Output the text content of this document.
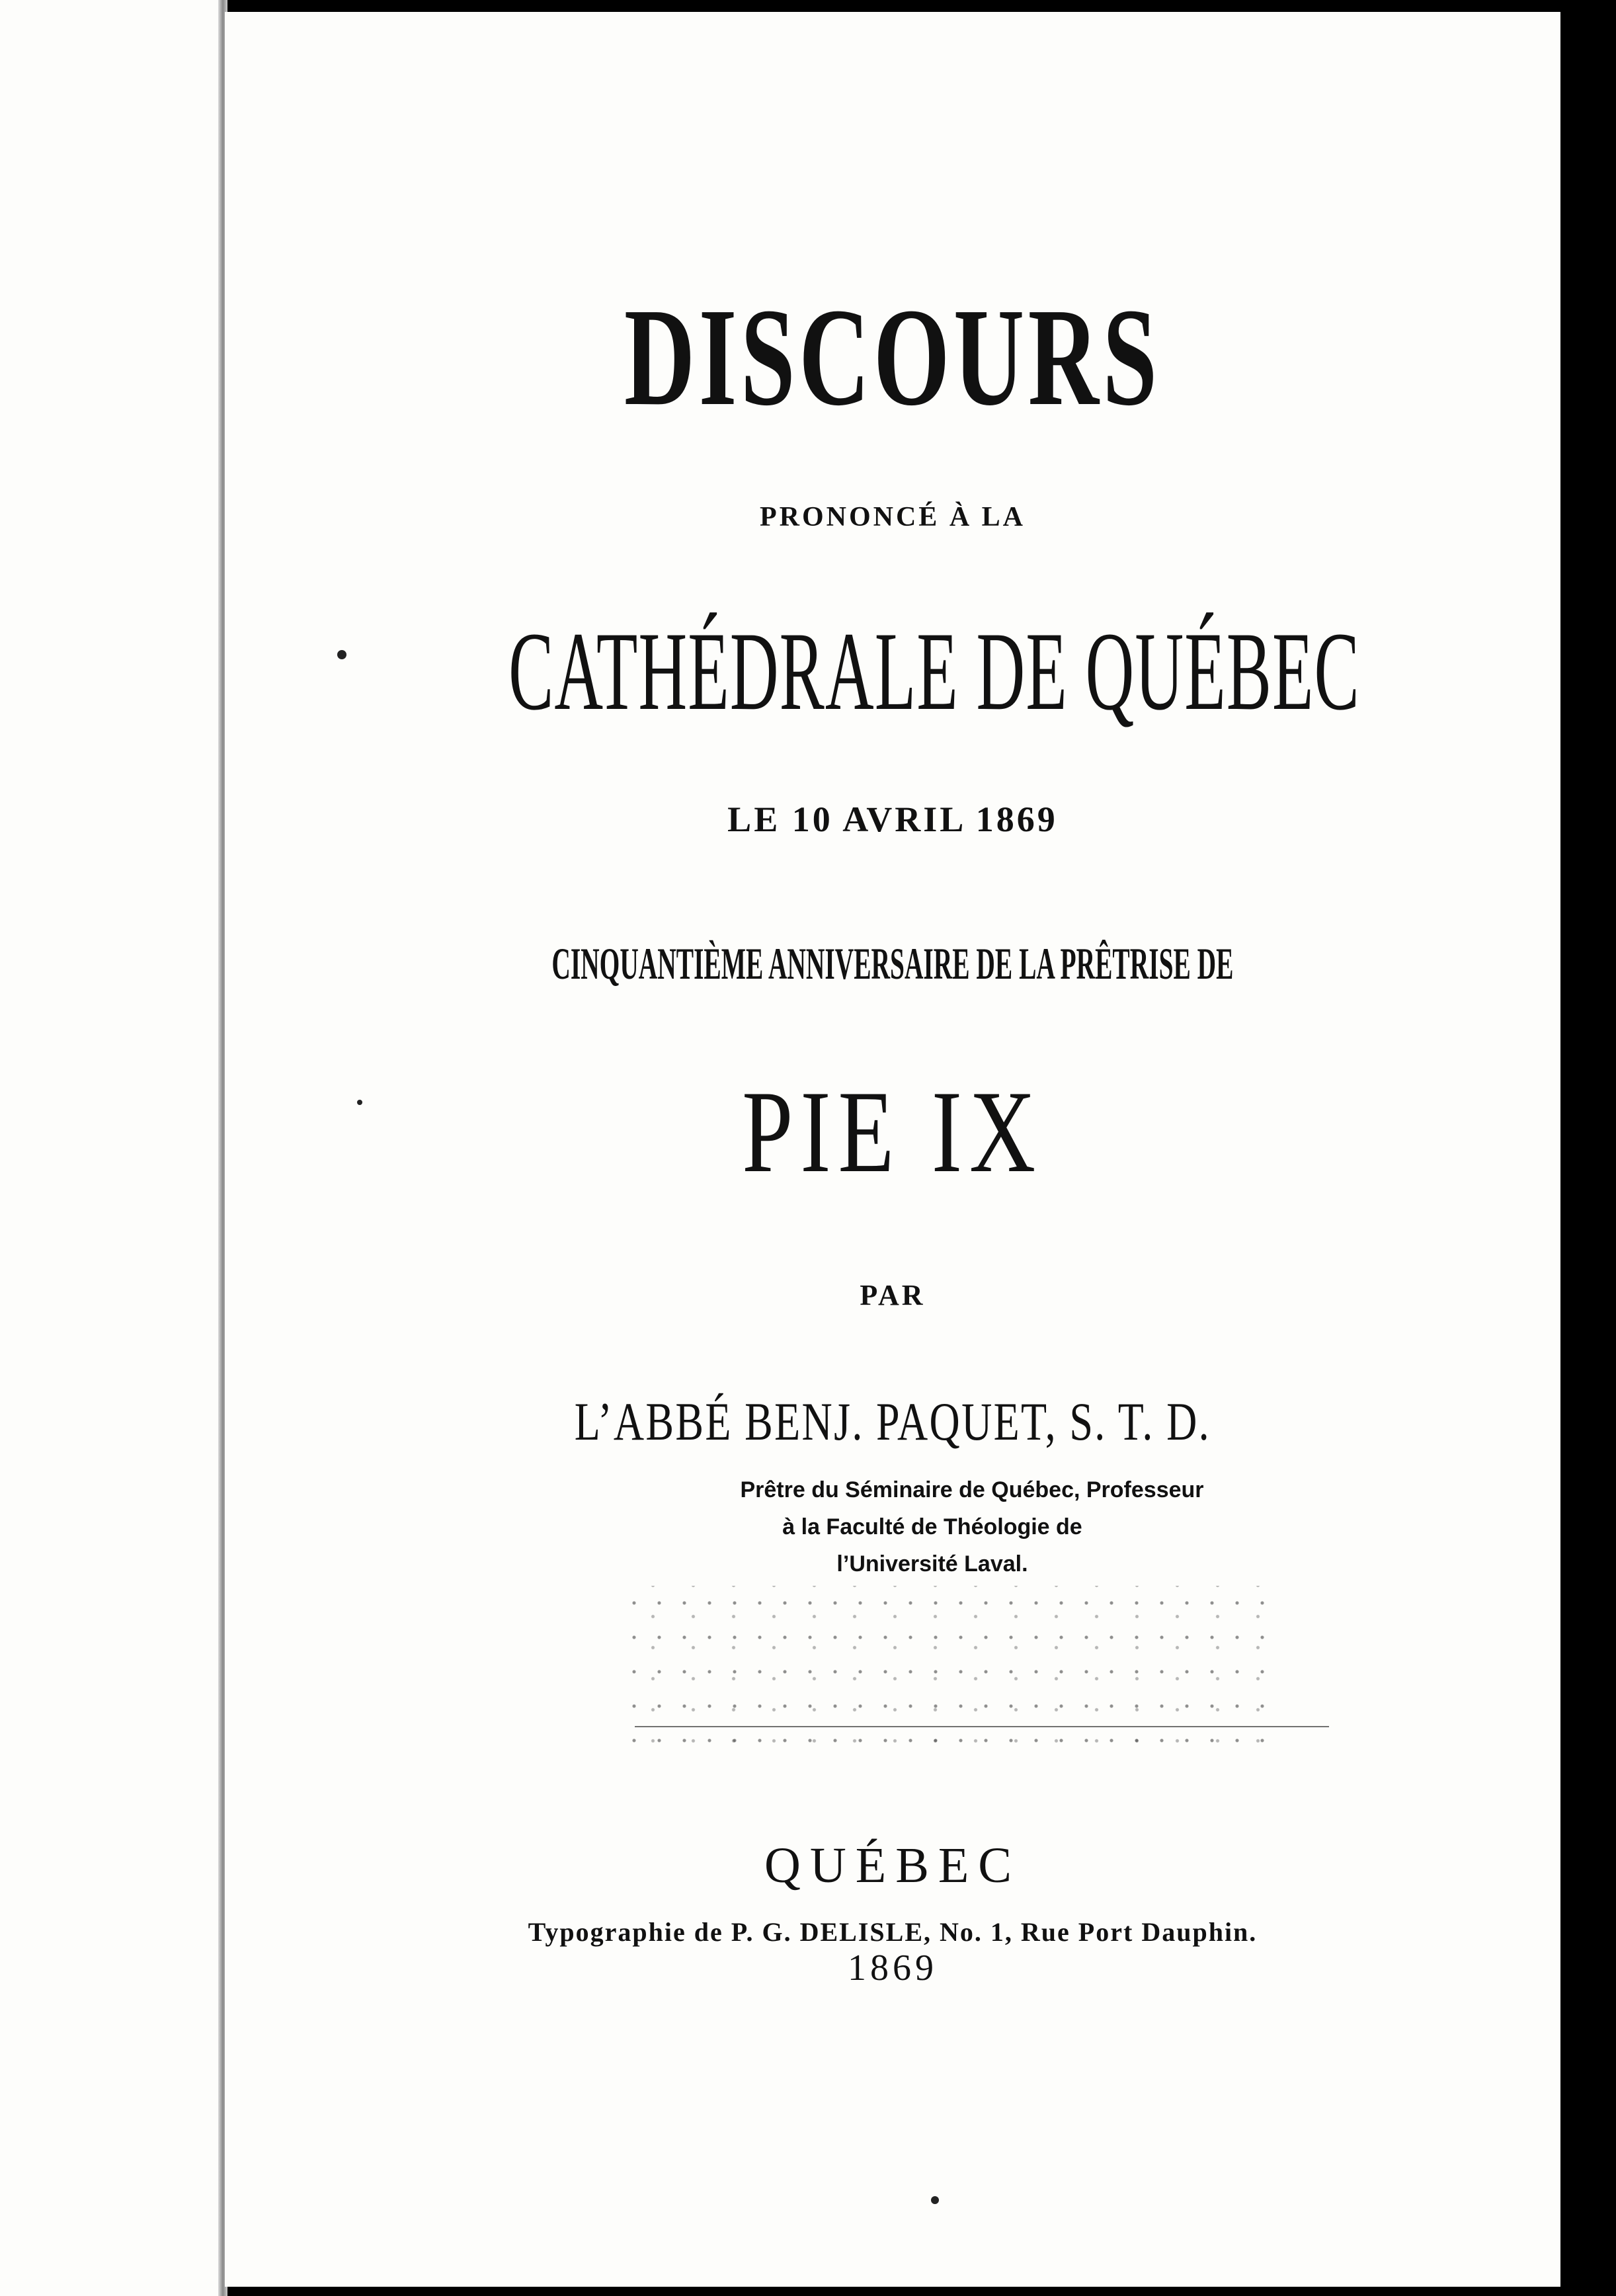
DISCOURS
PRONONCÉ À LA
CATHÉDRALE DE QUÉBEC
LE 10 AVRIL 1869
CINQUANTIÈME ANNIVERSAIRE DE LA PRÊTRISE DE
PIE IX
PAR
L’ABBÉ BENJ. PAQUET, S. T. D.
Prêtre du Séminaire de Québec, Professeur
à la Faculté de Théologie de
l’Université Laval.
QUÉBEC
Typographie de P. G. DELISLE, No. 1, Rue Port Dauphin.
1869
